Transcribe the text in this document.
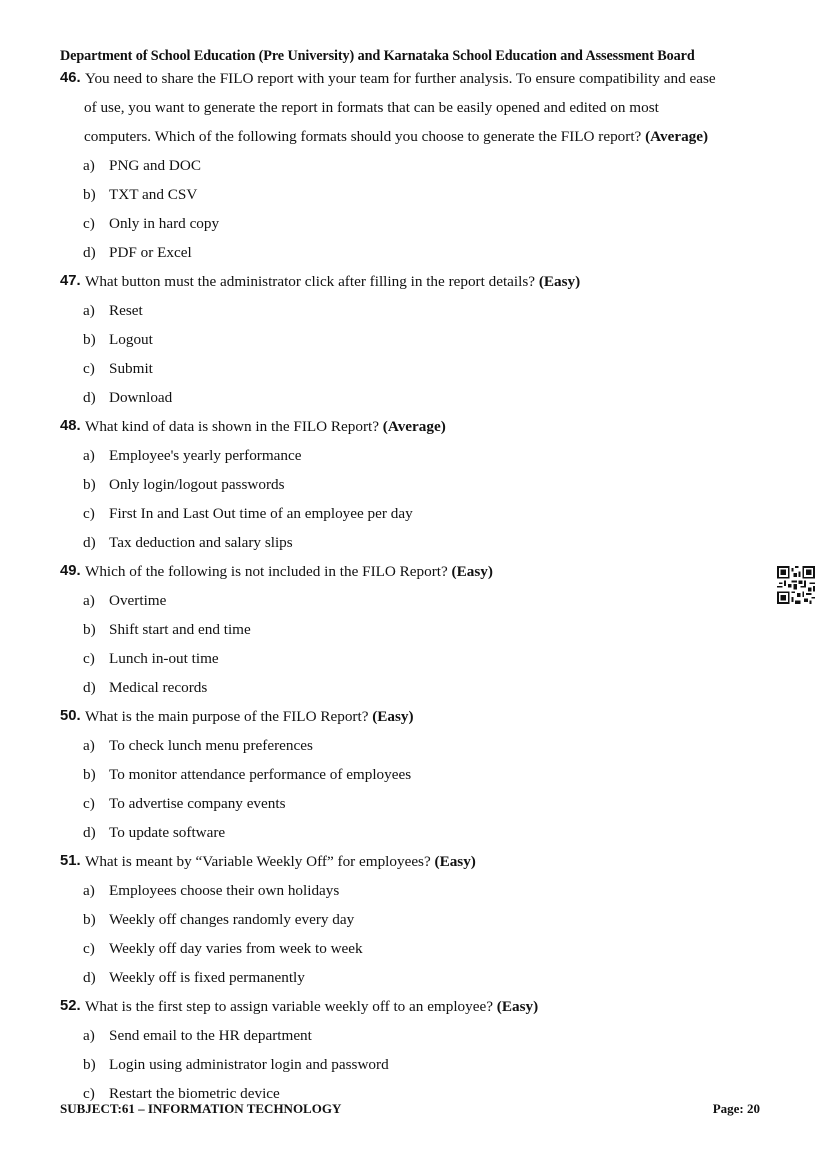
Department of School Education (Pre University) and Karnataka School Education and Assessment Board
46. You need to share the FILO report with your team for further analysis. To ensure compatibility and ease
of use, you want to generate the report in formats that can be easily opened and edited on most
computers. Which of the following formats should you choose to generate the FILO report? (Average)
a) PNG and DOC
b) TXT and CSV
c) Only in hard copy
d) PDF or Excel
47. What button must the administrator click after filling in the report details? (Easy)
a) Reset
b) Logout
c) Submit
d) Download
48. What kind of data is shown in the FILO Report? (Average)
a) Employee's yearly performance
b) Only login/logout passwords
c) First In and Last Out time of an employee per day
d) Tax deduction and salary slips
49. Which of the following is not included in the FILO Report? (Easy)
a) Overtime
b) Shift start and end time
c) Lunch in-out time
d) Medical records
50. What is the main purpose of the FILO Report? (Easy)
a) To check lunch menu preferences
b) To monitor attendance performance of employees
c) To advertise company events
d) To update software
51. What is meant by “Variable Weekly Off” for employees? (Easy)
a) Employees choose their own holidays
b) Weekly off changes randomly every day
c) Weekly off day varies from week to week
d) Weekly off is fixed permanently
52. What is the first step to assign variable weekly off to an employee? (Easy)
a) Send email to the HR department
b) Login using administrator login and password
c) Restart the biometric device
SUBJECT:61 – INFORMATION TECHNOLOGY	Page: 20
